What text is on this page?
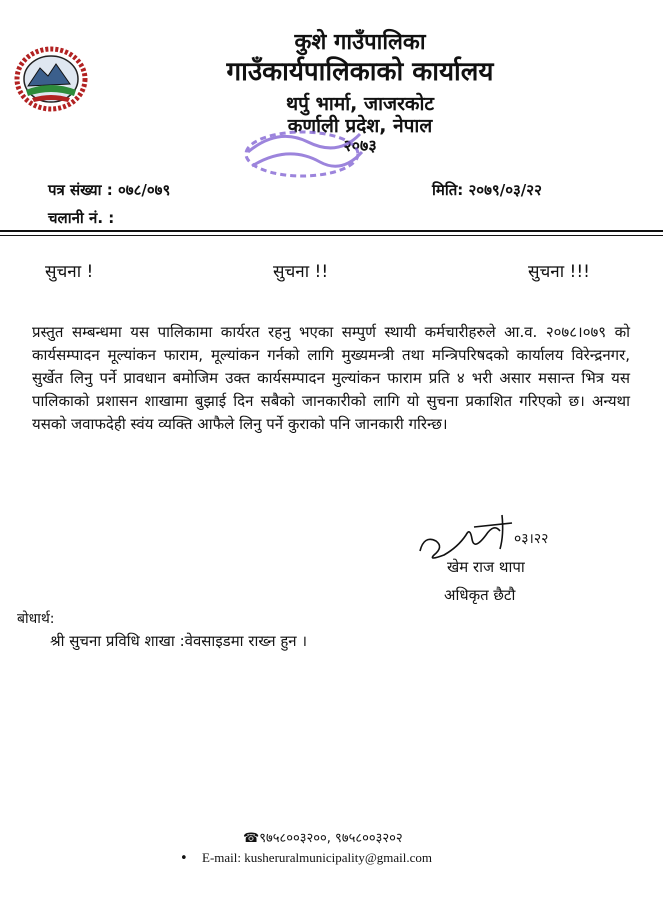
कुशे गाउँपालिका
गाउँकार्यपालिकाको कार्यालय
थर्पु भार्मा, जाजरकोट
कर्णाली प्रदेश, नेपाल
२०७३
पत्र संख्या : ०७८/०७९	मिति: २०७९/०३/२२
चलानी नं. :
सुचना !	सुचना !!	सुचना !!!
प्रस्तुत सम्बन्धमा यस पालिकामा कार्यरत रहनु भएका सम्पुर्ण स्थायी कर्मचारीहरुले आ.व. २०७८।०७९ को कार्यसम्पादन मूल्यांकन फाराम, मूल्यांकन गर्नको लागि मुख्यमन्त्री तथा मन्त्रिपरिषदको कार्यालय विरेन्द्रनगर, सुर्खेत लिनु पर्ने प्रावधान बमोजिम उक्त कार्यसम्पादन मुल्यांकन फाराम प्रति ४ भरी असार मसान्त भित्र यस पालिकाको प्रशासन शाखामा बुझाई दिन सबैको जानकारीको लागि यो सुचना प्रकाशित गरिएको छ। अन्यथा यसको जवाफदेही स्वंय व्यक्ति आफैले लिनु पर्ने कुराको पनि जानकारी गरिन्छ।
०३।२२
खेम राज थापा
अधिकृत छैटौ
बोधार्थ:
श्री सुचना प्रविधि शाखा :वेवसाइडमा राख्न हुन ।
☎९७५८००३२००, ९७५८००३२०२
• E-mail: kusheruralmunicipality@gmail.com
